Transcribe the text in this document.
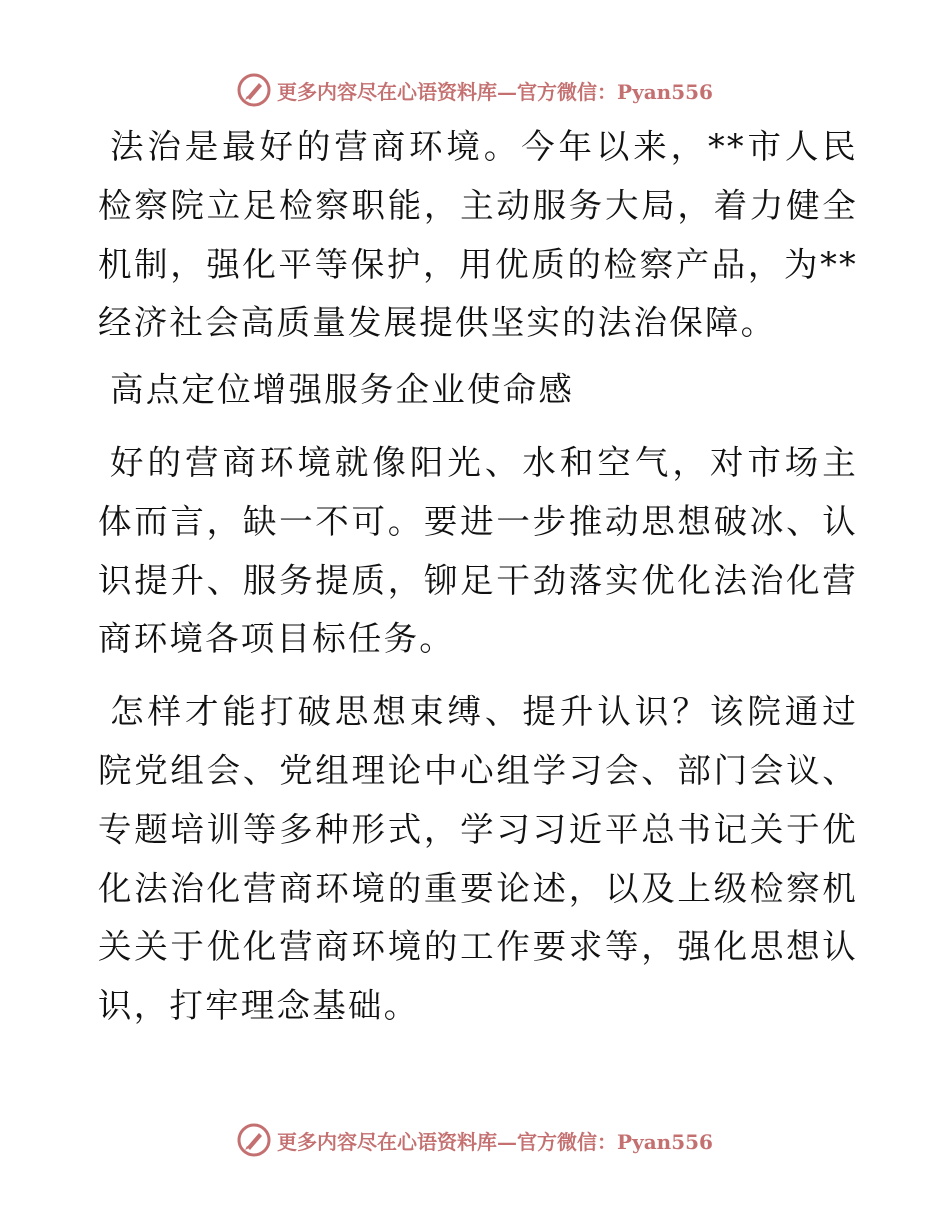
更多内容尽在心语资料库—官方微信：Pyan556

法治是最好的营商环境。今年以来，**市人民检察院立足检察职能，主动服务大局，着力健全机制，强化平等保护，用优质的检察产品，为**经济社会高质量发展提供坚实的法治保障。

高点定位增强服务企业使命感

好的营商环境就像阳光、水和空气，对市场主体而言，缺一不可。要进一步推动思想破冰、认识提升、服务提质，铆足干劲落实优化法治化营商环境各项目标任务。

怎样才能打破思想束缚、提升认识？该院通过院党组会、党组理论中心组学习会、部门会议、专题培训等多种形式，学习习近平总书记关于优化法治化营商环境的重要论述，以及上级检察机关关于优化营商环境的工作要求等，强化思想认识，打牢理念基础。

更多内容尽在心语资料库—官方微信：Pyan556
